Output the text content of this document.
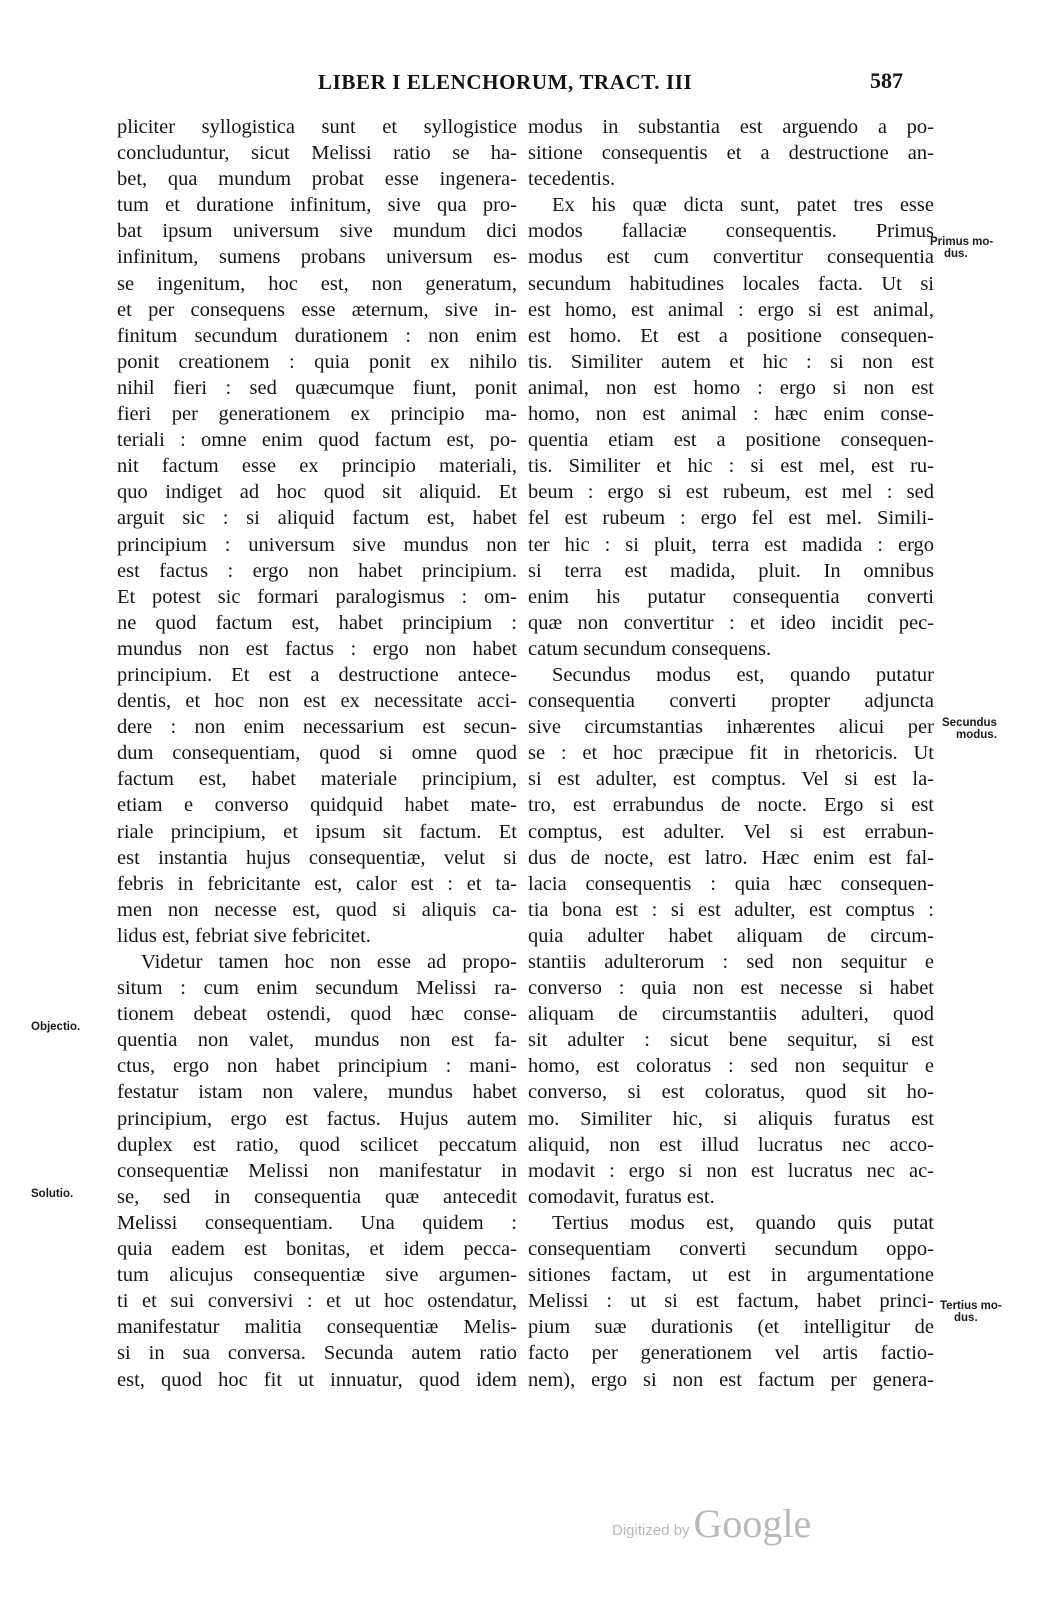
LIBER I ELENCHORUM, TRACT. III	587
pliciter syllogistica sunt et syllogistice
concluduntur, sicut Melissi ratio se ha-
bet, qua mundum probat esse ingenera-
tum et duratione infinitum, sive qua pro-
bat ipsum universum sive mundum dici
infinitum, sumens probans universum es-
se ingenitum, hoc est, non generatum,
et per consequens esse æternum, sive in-
finitum secundum durationem : non enim
ponit creationem : quia ponit ex nihilo
nihil fieri : sed quæcumque fiunt, ponit
fieri per generationem ex principio ma-
teriali : omne enim quod factum est, po-
nit factum esse ex principio materiali,
quo indiget ad hoc quod sit aliquid. Et
arguit sic : si aliquid factum est, habet
principium : universum sive mundus non
est factus : ergo non habet principium.
Et potest sic formari paralogismus : om-
ne quod factum est, habet principium :
mundus non est factus : ergo non habet
principium. Et est a destructione antece-
dentis, et hoc non est ex necessitate acci-
dere : non enim necessarium est secun-
dum consequentiam, quod si omne quod
factum est, habet materiale principium,
etiam e converso quidquid habet mate-
riale principium, et ipsum sit factum. Et
est instantia hujus consequentiæ, velut si
febris in febricitante est, calor est : et ta-
men non necesse est, quod si aliquis ca-
lidus est, febriat sive febricitet.
Videtur tamen hoc non esse ad propo-
situm : cum enim secundum Melissi ra-
tionem debeat ostendi, quod hæc conse-
quentia non valet, mundus non est fa-
ctus, ergo non habet principium : mani-
festatur istam non valere, mundus habet
principium, ergo est factus. Hujus autem
duplex est ratio, quod scilicet peccatum
consequentiæ Melissi non manifestatur in
se, sed in consequentia quæ antecedit
Melissi consequentiam. Una quidem :
quia eadem est bonitas, et idem pecca-
tum alicujus consequentiæ sive argumen-
ti et sui conversivi : et ut hoc ostendatur,
manifestatur malitia consequentiæ Melis-
si in sua conversa. Secunda autem ratio
est, quod hoc fit ut innuatur, quod idem
modus in substantia est arguendo a po-
sitione consequentis et a destructione an-
tecedentis.
Ex his quæ dicta sunt, patet tres esse
modos fallaciæ consequentis. Primus
modus est cum convertitur consequentia
secundum habitudines locales facta. Ut si
est homo, est animal : ergo si est animal,
est homo. Et est a positione consequen-
tis. Similiter autem et hic : si non est
animal, non est homo : ergo si non est
homo, non est animal : hæc enim conse-
quentia etiam est a positione consequen-
tis. Similiter et hic : si est mel, est ru-
beum : ergo si est rubeum, est mel : sed
fel est rubeum : ergo fel est mel. Simili-
ter hic : si pluit, terra est madida : ergo
si terra est madida, pluit. In omnibus
enim his putatur consequentia converti
quæ non convertitur : et ideo incidit pec-
catum secundum consequens.
Secundus modus est, quando putatur
consequentia converti propter adjuncta
sive circumstantias inhærentes alicui per
se : et hoc præcipue fit in rhetoricis. Ut
si est adulter, est comptus. Vel si est la-
tro, est errabundus de nocte. Ergo si est
comptus, est adulter. Vel si est errabun-
dus de nocte, est latro. Hæc enim est fal-
lacia consequentis : quia hæc consequen-
tia bona est : si est adulter, est comptus :
quia adulter habet aliquam de circum-
stantiis adulterorum : sed non sequitur e
converso : quia non est necesse si habet
aliquam de circumstantiis adulteri, quod
sit adulter : sicut bene sequitur, si est
homo, est coloratus : sed non sequitur e
converso, si est coloratus, quod sit ho-
mo. Similiter hic, si aliquis furatus est
aliquid, non est illud lucratus nec acco-
modavit : ergo si non est lucratus nec ac-
comodavit, furatus est.
Tertius modus est, quando quis putat
consequentiam converti secundum oppo-
sitiones factam, ut est in argumentatione
Melissi : ut si est factum, habet princi-
pium suæ durationis (et intelligitur de
facto per generationem vel artis factio-
nem), ergo si non est factum per genera-
Objectio.
Solutio.
Primus mo-
dus.
Secundus
modus.
Tertius mo-
dus.
Digitized by Google
